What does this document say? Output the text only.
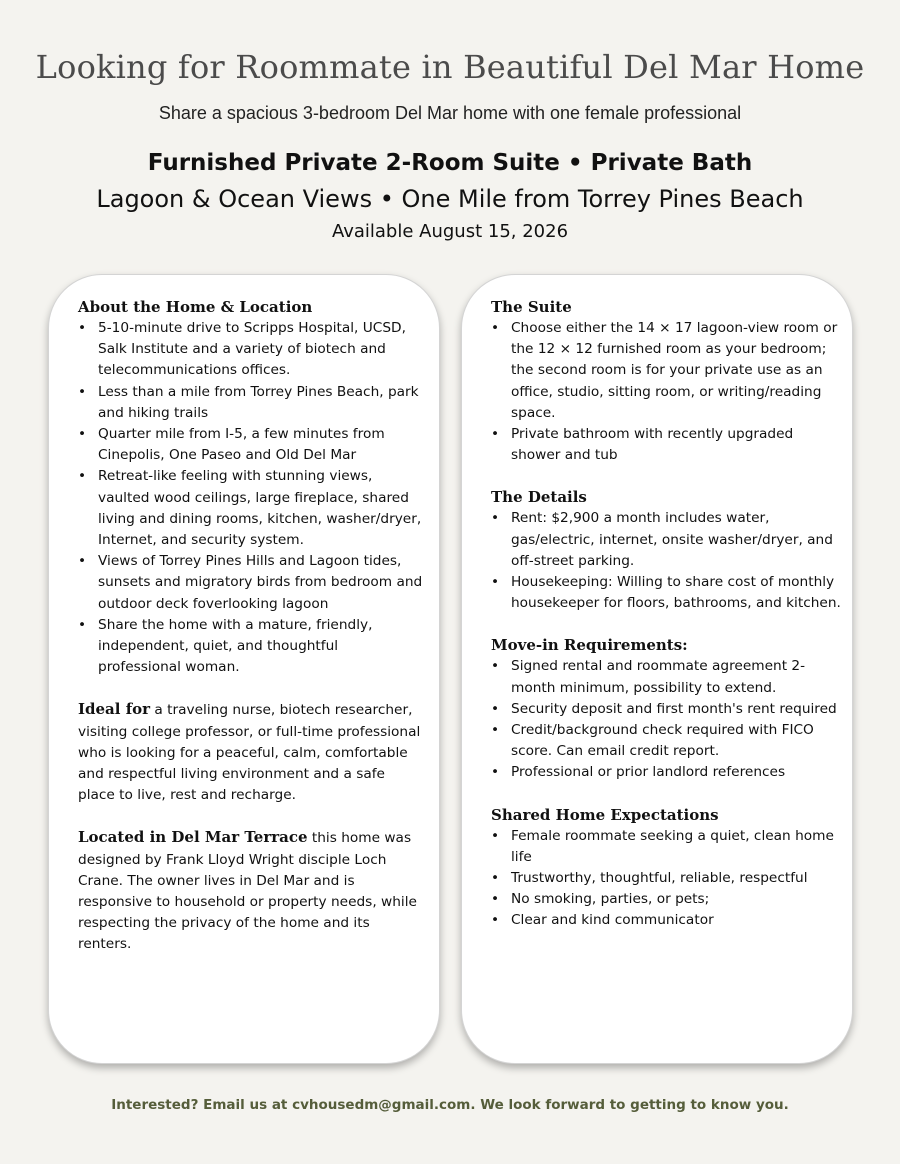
Looking for Roommate in Beautiful Del Mar Home
Share a spacious 3-bedroom Del Mar home with one female professional
Furnished Private 2-Room Suite • Private Bath
Lagoon & Ocean Views • One Mile from Torrey Pines Beach
Available August 15, 2026

About the Home & Location

• 5-10-minute drive to Scripps Hospital, UCSD, Salk Institute and a variety of biotech and telecommunications offices.
• Less than a mile from Torrey Pines Beach, park and hiking trails
• Quarter mile from I-5, a few minutes from Cinepolis, One Paseo and Old Del Mar
• Retreat-like feeling with stunning views, vaulted wood ceilings, large fireplace, shared living and dining rooms, kitchen, washer/dryer, Internet, and security system.
• Views of Torrey Pines Hills and Lagoon tides, sunsets and migratory birds from bedroom and outdoor deck foverlooking lagoon
• Share the home with a mature, friendly, independent, quiet, and thoughtful professional woman.

Ideal for a traveling nurse, biotech researcher, visiting college professor, or full-time professional who is looking for a peaceful, calm, comfortable and respectful living environment and a safe place to live, rest and recharge.

Located in Del Mar Terrace this home was designed by Frank Lloyd Wright disciple Loch Crane. The owner lives in Del Mar and is responsive to household or property needs, while respecting the privacy of the home and its renters.

The Suite

• Choose either the 14 × 17 lagoon-view room or the 12 × 12 furnished room as your bedroom; the second room is for your private use as an office, studio, sitting room, or writing/reading space.
• Private bathroom with recently upgraded shower and tub

The Details

• Rent: $2,900 a month includes water, gas/electric, internet, onsite washer/dryer, and off-street parking.
• Housekeeping: Willing to share cost of monthly housekeeper for floors, bathrooms, and kitchen.

Move-in Requirements:

• Signed rental and roommate agreement 2-month minimum, possibility to extend.
• Security deposit and first month's rent required
• Credit/background check required with FICO score. Can email credit report.
• Professional or prior landlord references

Shared Home Expectations

• Female roommate seeking a quiet, clean home life
• Trustworthy, thoughtful, reliable, respectful
• No smoking, parties, or pets;
• Clear and kind communicator
Interested? Email us at cvhousedm@gmail.com. We look forward to getting to know you.
